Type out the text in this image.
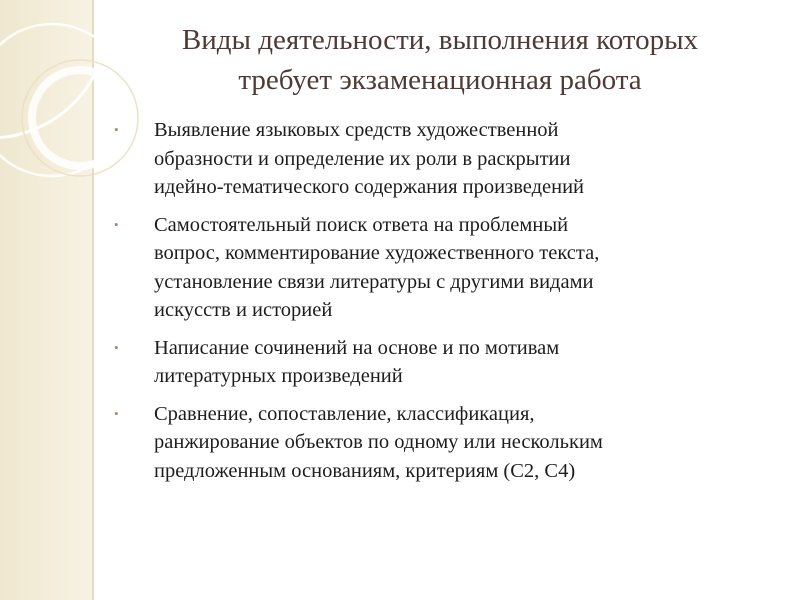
Виды деятельности, выполнения которых
требует экзаменационная работа
• Выявление языковых средств художественной
образности и определение их роли в раскрытии
идейно-тематического содержания произведений
• Самостоятельный поиск ответа на проблемный
вопрос, комментирование художественного текста,
установление связи литературы с другими видами
искусств и историей
• Написание сочинений на основе и по мотивам
литературных произведений
• Сравнение, сопоставление, классификация,
ранжирование объектов по одному или нескольким
предложенным основаниям, критериям (С2, С4)
